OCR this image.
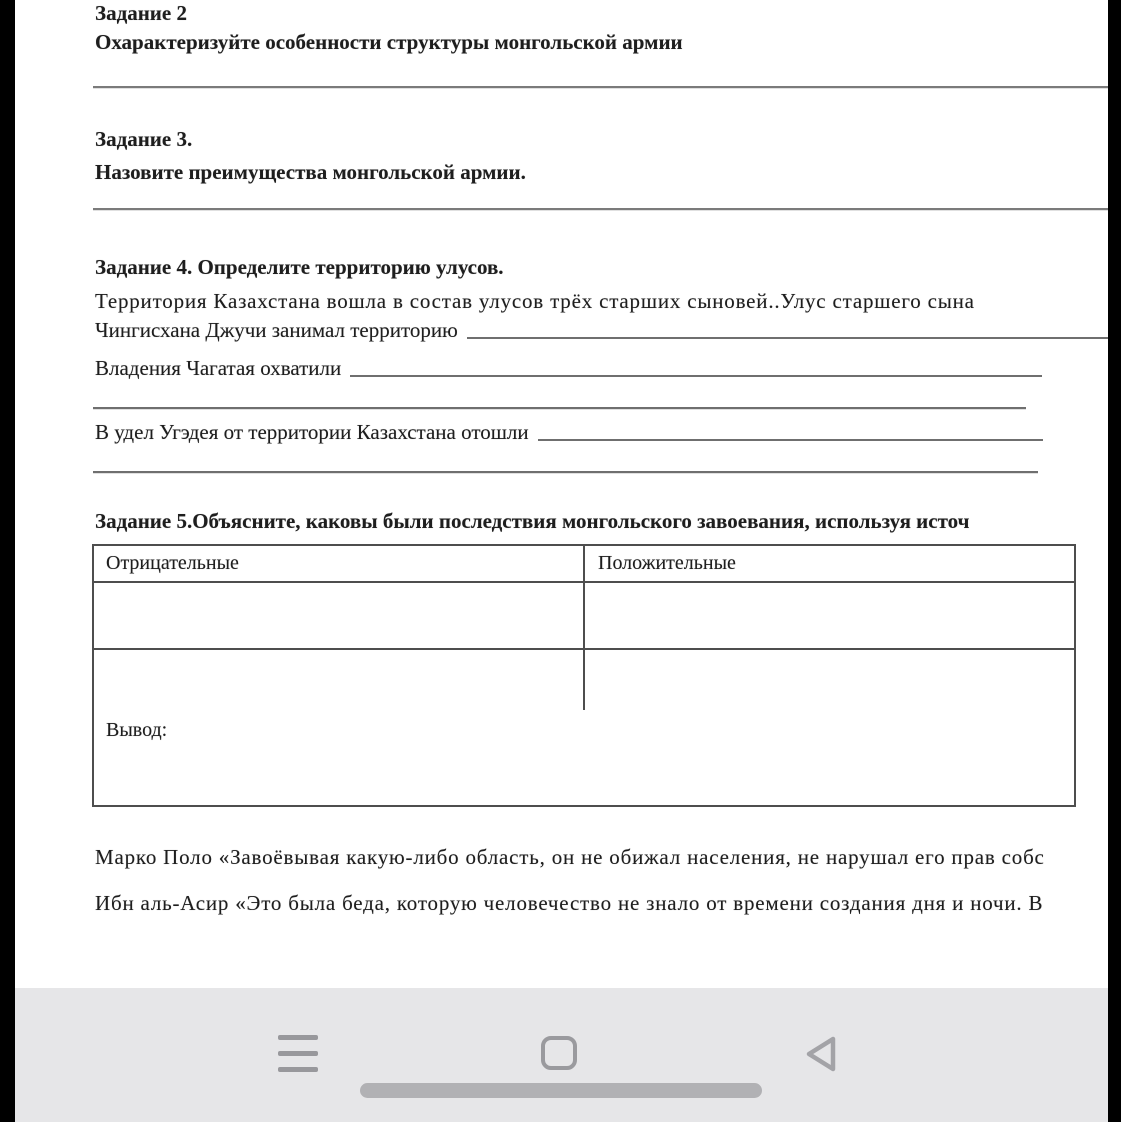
Задание 2
Охарактеризуйте особенности структуры монгольской армии
Задание 3.
Назовите преимущества монгольской армии.
Задание 4. Определите территорию улусов.
Территория Казахстана вошла в состав улусов трёх старших сыновей..Улус старшего сына
Чингисхана Джучи занимал территорию
Владения Чагатая охватили
В удел Угэдея от территории Казахстана отошли
Задание 5.Объясните, каковы были последствия монгольского завоевания, используя источ
Отрицательные	Положительные
Вывод:
Марко Поло «Завоёвывая какую-либо область, он не обижал населения, не нарушал его прав собс
Ибн аль-Асир «Это была беда, которую человечество не знало от времени создания дня и ночи. В
